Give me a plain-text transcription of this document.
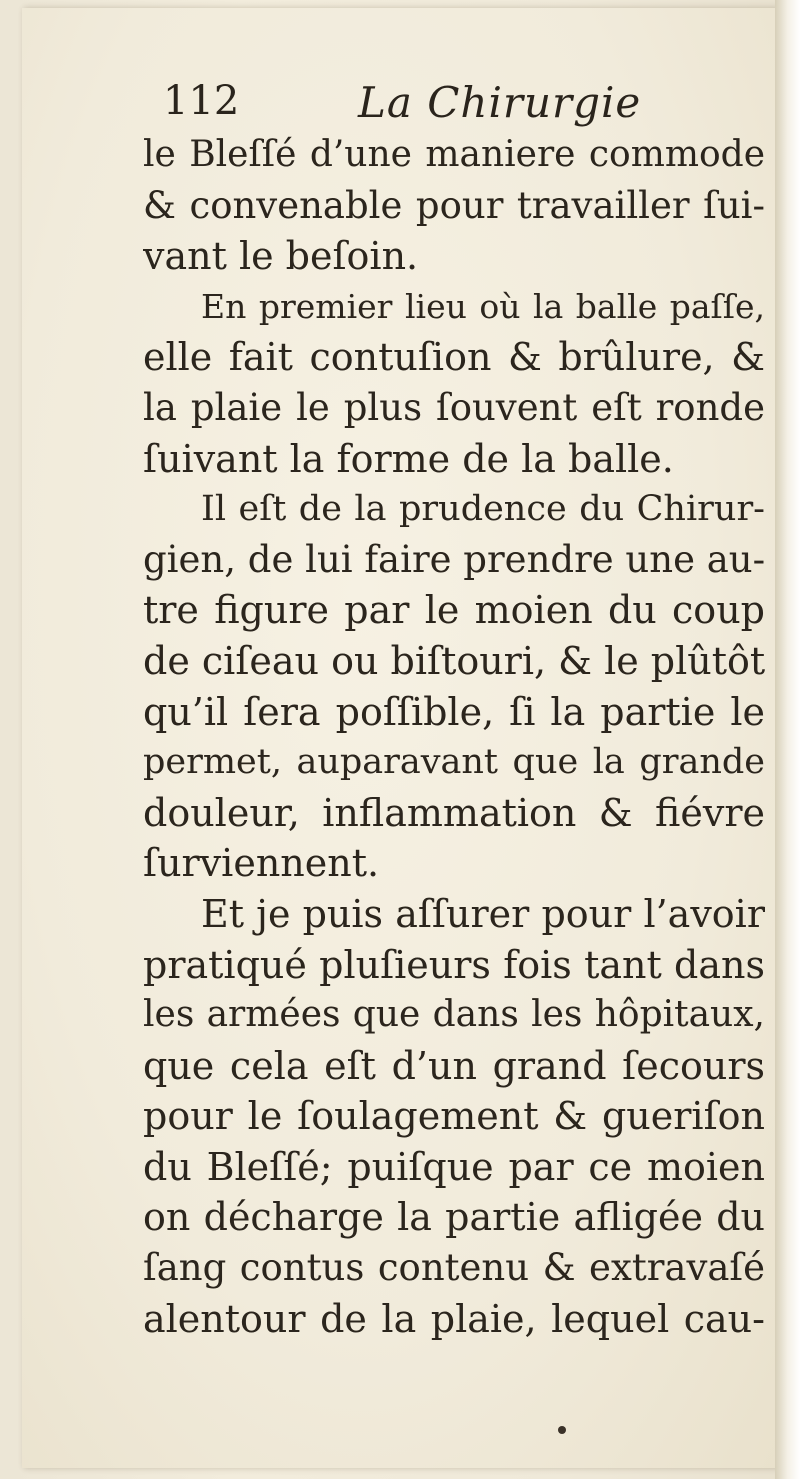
112	La Chirurgie
le Bleſſé d’une maniere commode
& convenable pour travailler ſui-
vant le beſoin.
En premier lieu où la balle paſſe,
elle fait contuſion & brûlure, &
la plaie le plus ſouvent eſt ronde
ſuivant la forme de la balle.
Il eſt de la prudence du Chirur-
gien, de lui faire prendre une au-
tre figure par le moien du coup
de ciſeau ou biſtouri, & le plûtôt
qu’il ſera poſſible, ſi la partie le
permet, auparavant que la grande
douleur, inflammation & fiévre
ſurviennent.
Et je puis aſſurer pour l’avoir
pratiqué pluſieurs fois tant dans
les armées que dans les hôpitaux,
que cela eſt d’un grand ſecours
pour le ſoulagement & gueriſon
du Bleſſé; puiſque par ce moien
on décharge la partie afligée du
ſang contus contenu & extravaſé
alentour de la plaie, lequel cau-
